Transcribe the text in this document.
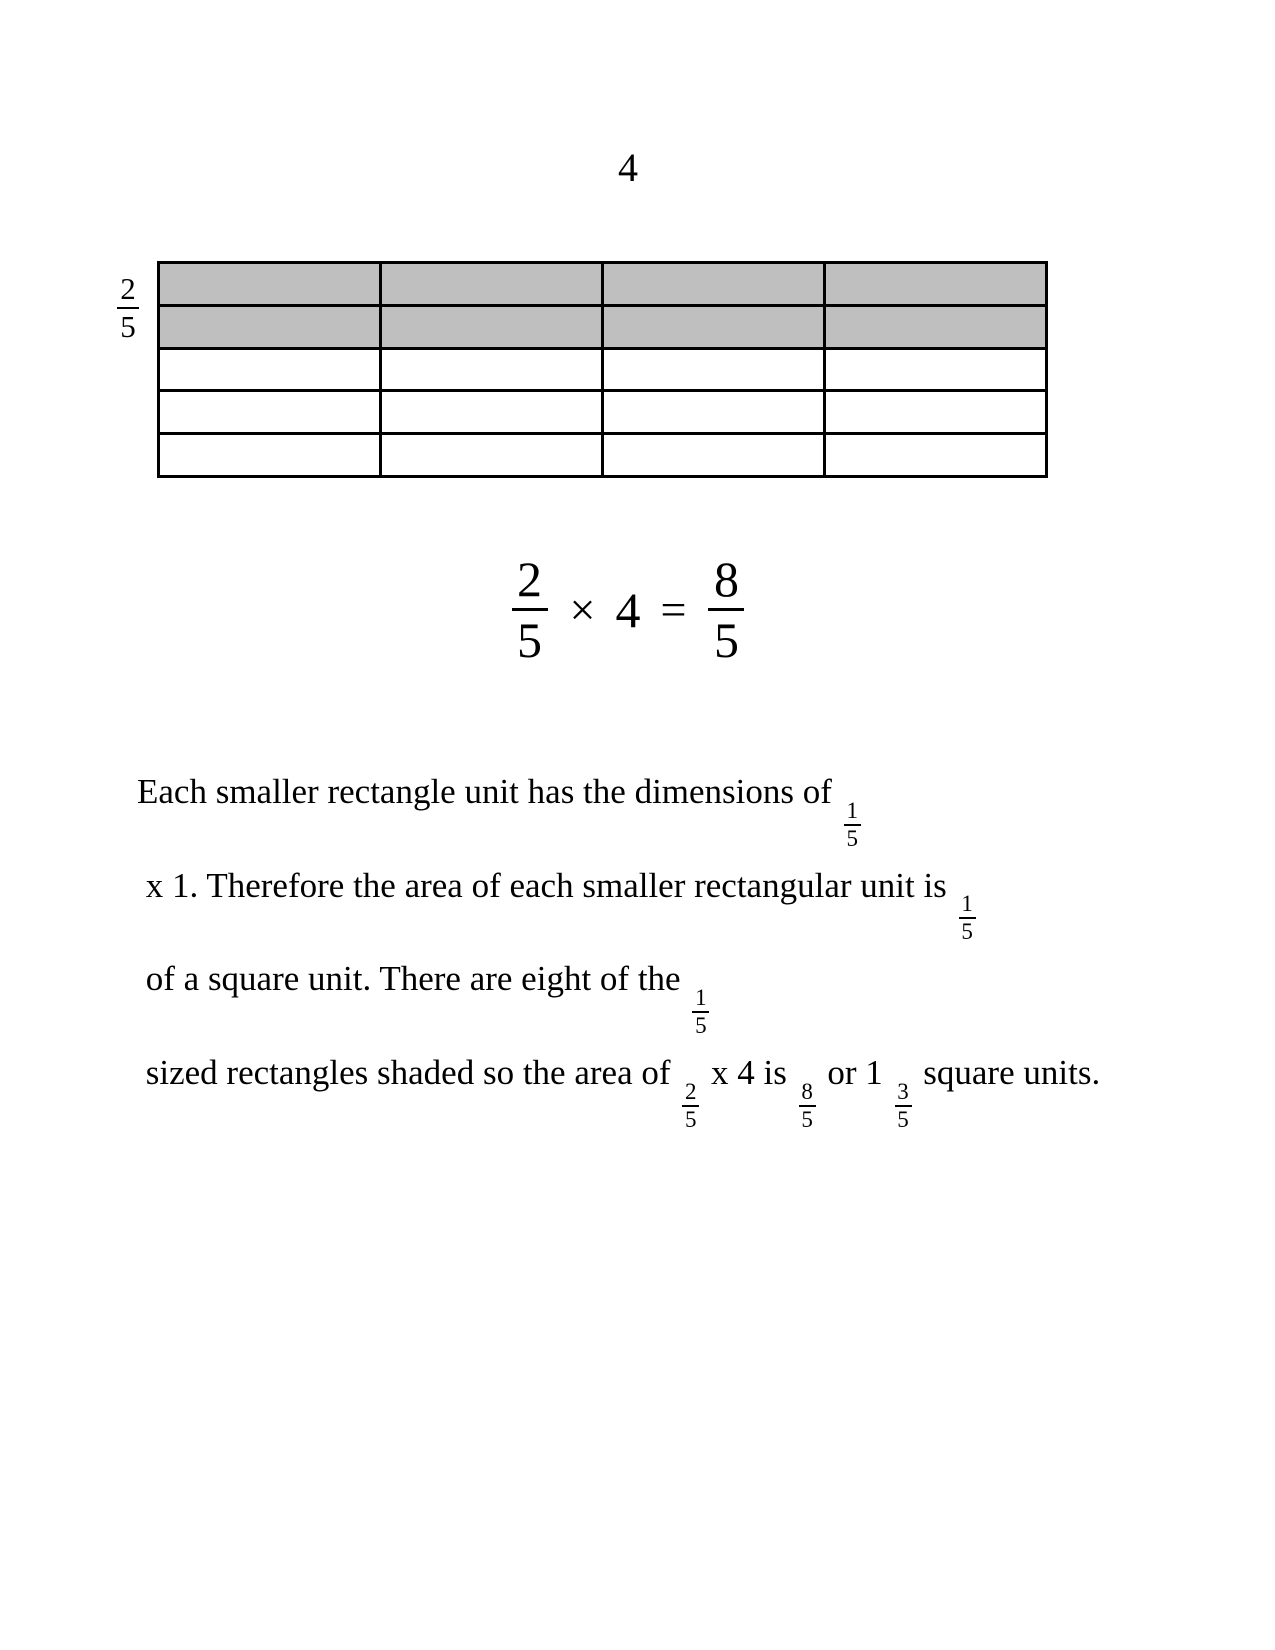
4
$\frac{2}{5}$
$\frac{2}{5} \times 4 = \frac{8}{5}$
Each smaller rectangle unit has the dimensions of
$\frac{1}{5}$
x 1. Therefore the area of each smaller rectangular unit is
$\frac{1}{5}$
of a square unit. There are eight of the
$\frac{1}{5}$
sized rectangles shaded so the area of
$\frac{2}{5}$
x 4 is
$\frac{8}{5}$
or 1
$\frac{3}{5}$
square units.
